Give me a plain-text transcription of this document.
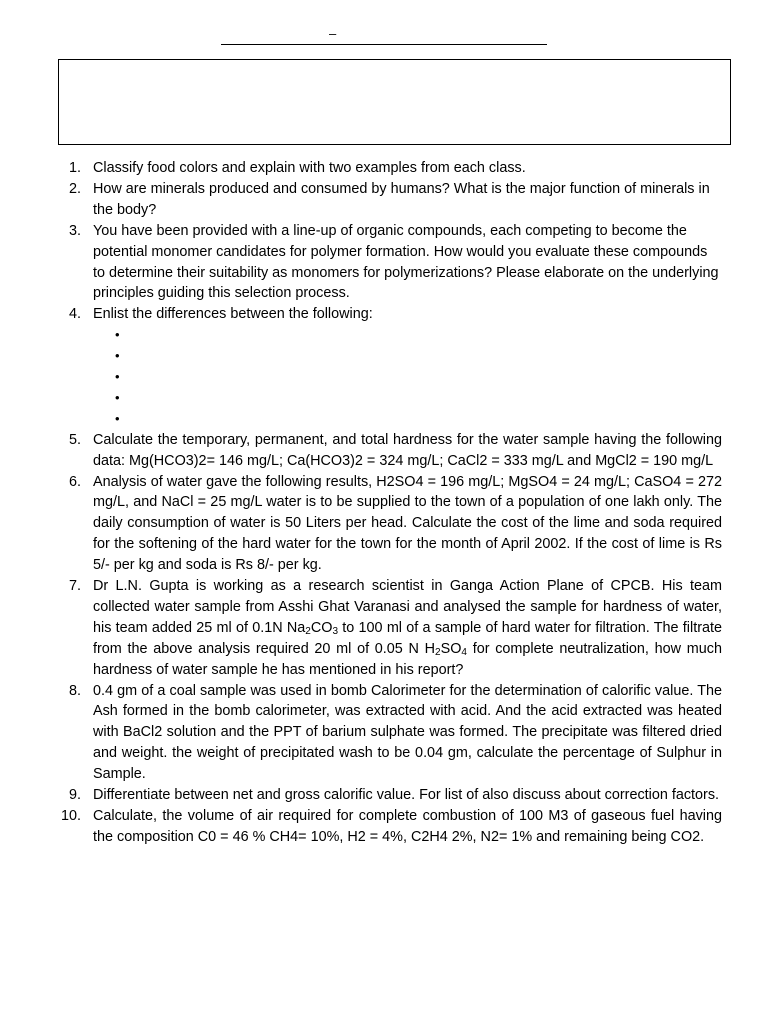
–
1. Classify food colors and explain with two examples from each class.
2. How are minerals produced and consumed by humans? What is the major function of minerals in the body?
3. You have been provided with a line-up of organic compounds, each competing to become the potential monomer candidates for polymer formation. How would you evaluate these compounds to determine their suitability as monomers for polymerizations? Please elaborate on the underlying principles guiding this selection process.
4. Enlist the differences between the following:
•
•
•
•
•
5. Calculate the temporary, permanent, and total hardness for the water sample having the following data: Mg(HCO3)2= 146 mg/L; Ca(HCO3)2 = 324 mg/L; CaCl2 = 333 mg/L and MgCl2 = 190 mg/L
6. Analysis of water gave the following results, H2SO4 = 196 mg/L; MgSO4 = 24 mg/L; CaSO4 = 272 mg/L, and NaCl = 25 mg/L water is to be supplied to the town of a population of one lakh only. The daily consumption of water is 50 Liters per head. Calculate the cost of the lime and soda required for the softening of the hard water for the town for the month of April 2002. If the cost of lime is Rs 5/- per kg and soda is Rs 8/- per kg.
7. Dr L.N. Gupta is working as a research scientist in Ganga Action Plane of CPCB. His team collected water sample from Asshi Ghat Varanasi and analysed the sample for hardness of water, his team added 25 ml of 0.1N $Na_2CO_3$ to 100 ml of a sample of hard water for filtration. The filtrate from the above analysis required 20 ml of 0.05 N $H_2SO_4$ for complete neutralization, how much hardness of water sample he has mentioned in his report?
8. 0.4 gm of a coal sample was used in bomb Calorimeter for the determination of calorific value. The Ash formed in the bomb calorimeter, was extracted with acid. And the acid extracted was heated with BaCl2 solution and the PPT of barium sulphate was formed. The precipitate was filtered dried and weight. the weight of precipitated wash to be 0.04 gm, calculate the percentage of Sulphur in Sample.
9. Differentiate between net and gross calorific value. For list of also discuss about correction factors.
10. Calculate, the volume of air required for complete combustion of 100 M3 of gaseous fuel having the composition C0 = 46 % CH4= 10%, H2 = 4%, C2H4 2%, N2= 1% and remaining being CO2.
